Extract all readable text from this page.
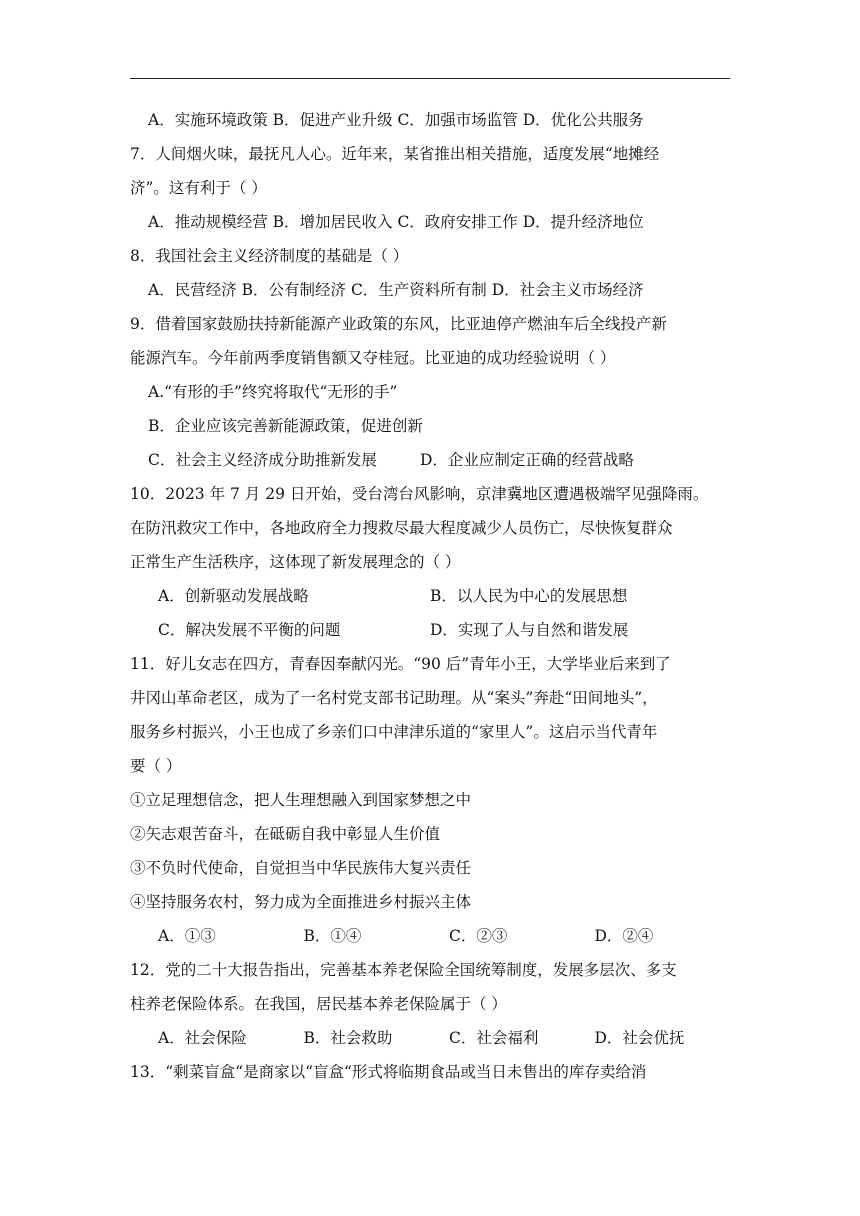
A．实施环境政策 B．促进产业升级 C．加强市场监管 D．优化公共服务
7．人间烟火味，最抚凡人心。近年来，某省推出相关措施，适度发展“地摊经
济”。这有利于（ ）
A．推动规模经营 B．增加居民收入 C．政府安排工作 D．提升经济地位
8．我国社会主义经济制度的基础是（ ）
A．民营经济 B．公有制经济 C．生产资料所有制 D．社会主义市场经济
9．借着国家鼓励扶持新能源产业政策的东风，比亚迪停产燃油车后全线投产新
能源汽车。今年前两季度销售额又夺桂冠。比亚迪的成功经验说明（ ）
A.“有形的手”终究将取代“无形的手”
B．企业应该完善新能源政策，促进创新
C．社会主义经济成分助推新发展	D．企业应制定正确的经营战略
10．2023 年 7 月 29 日开始，受台湾台风影响，京津冀地区遭遇极端罕见强降雨。
在防汛救灾工作中，各地政府全力搜救尽最大程度减少人员伤亡，尽快恢复群众
正常生产生活秩序，这体现了新发展理念的（ ）
A．创新驱动发展战略	B．以人民为中心的发展思想
C．解决发展不平衡的问题	D．实现了人与自然和谐发展
11．好儿女志在四方，青春因奉献闪光。“90 后”青年小王，大学毕业后来到了
井冈山革命老区，成为了一名村党支部书记助理。从“案头”奔赴“田间地头”，
服务乡村振兴，小王也成了乡亲们口中津津乐道的“家里人”。这启示当代青年
要（ ）
①立足理想信念，把人生理想融入到国家梦想之中
②矢志艰苦奋斗，在砥砺自我中彰显人生价值
③不负时代使命，自觉担当中华民族伟大复兴责任
④坚持服务农村，努力成为全面推进乡村振兴主体
A．①③	B．①④	C．②③	D．②④
12．党的二十大报告指出，完善基本养老保险全国统筹制度，发展多层次、多支
柱养老保险体系。在我国，居民基本养老保险属于（ ）
A．社会保险	B．社会救助	C．社会福利	D．社会优抚
13．“剩菜盲盒“是商家以“盲盒“形式将临期食品或当日未售出的库存卖给消
